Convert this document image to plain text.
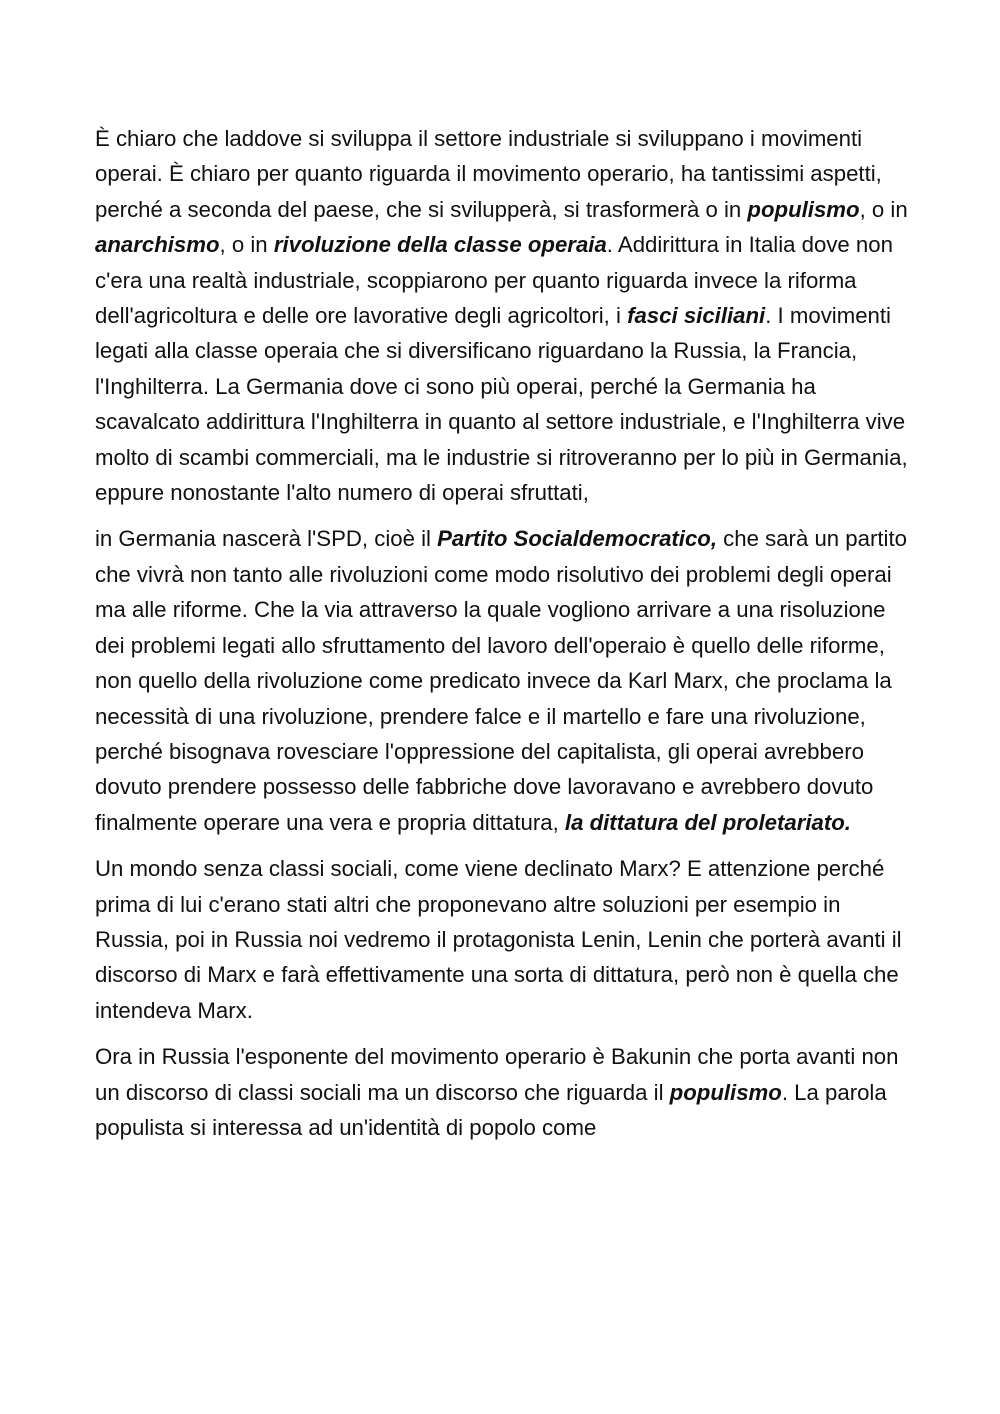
È chiaro che laddove si sviluppa il settore industriale si sviluppano i movimenti operai. È chiaro per quanto riguarda il movimento operario, ha tantissimi aspetti, perché a seconda del paese, che si svilupperà, si trasformerà o in populismo, o in anarchismo, o in rivoluzione della classe operaia. Addirittura in Italia dove non c'era una realtà industriale, scoppiarono per quanto riguarda invece la riforma dell'agricoltura e delle ore lavorative degli agricoltori, i fasci siciliani. I movimenti legati alla classe operaia che si diversificano riguardano la Russia, la Francia, l'Inghilterra. La Germania dove ci sono più operai, perché la Germania ha scavalcato addirittura l'Inghilterra in quanto al settore industriale, e l'Inghilterra vive molto di scambi commerciali, ma le industrie si ritroveranno per lo più in Germania, eppure nonostante l'alto numero di operai sfruttati,

in Germania nascerà l'SPD, cioè il Partito Socialdemocratico, che sarà un partito che vivrà non tanto alle rivoluzioni come modo risolutivo dei problemi degli operai ma alle riforme. Che la via attraverso la quale vogliono arrivare a una risoluzione dei problemi legati allo sfruttamento del lavoro dell'operaio è quello delle riforme, non quello della rivoluzione come predicato invece da Karl Marx, che proclama la necessità di una rivoluzione, prendere falce e il martello e fare una rivoluzione, perché bisognava rovesciare l'oppressione del capitalista, gli operai avrebbero dovuto prendere possesso delle fabbriche dove lavoravano e avrebbero dovuto finalmente operare una vera e propria dittatura, la dittatura del proletariato.

Un mondo senza classi sociali, come viene declinato Marx? E attenzione perché prima di lui c'erano stati altri che proponevano altre soluzioni per esempio in Russia, poi in Russia noi vedremo il protagonista Lenin, Lenin che porterà avanti il discorso di Marx e farà effettivamente una sorta di dittatura, però non è quella che intendeva Marx.

Ora in Russia l'esponente del movimento operario è Bakunin che porta avanti non un discorso di classi sociali ma un discorso che riguarda il populismo. La parola populista si interessa ad un'identità di popolo come
